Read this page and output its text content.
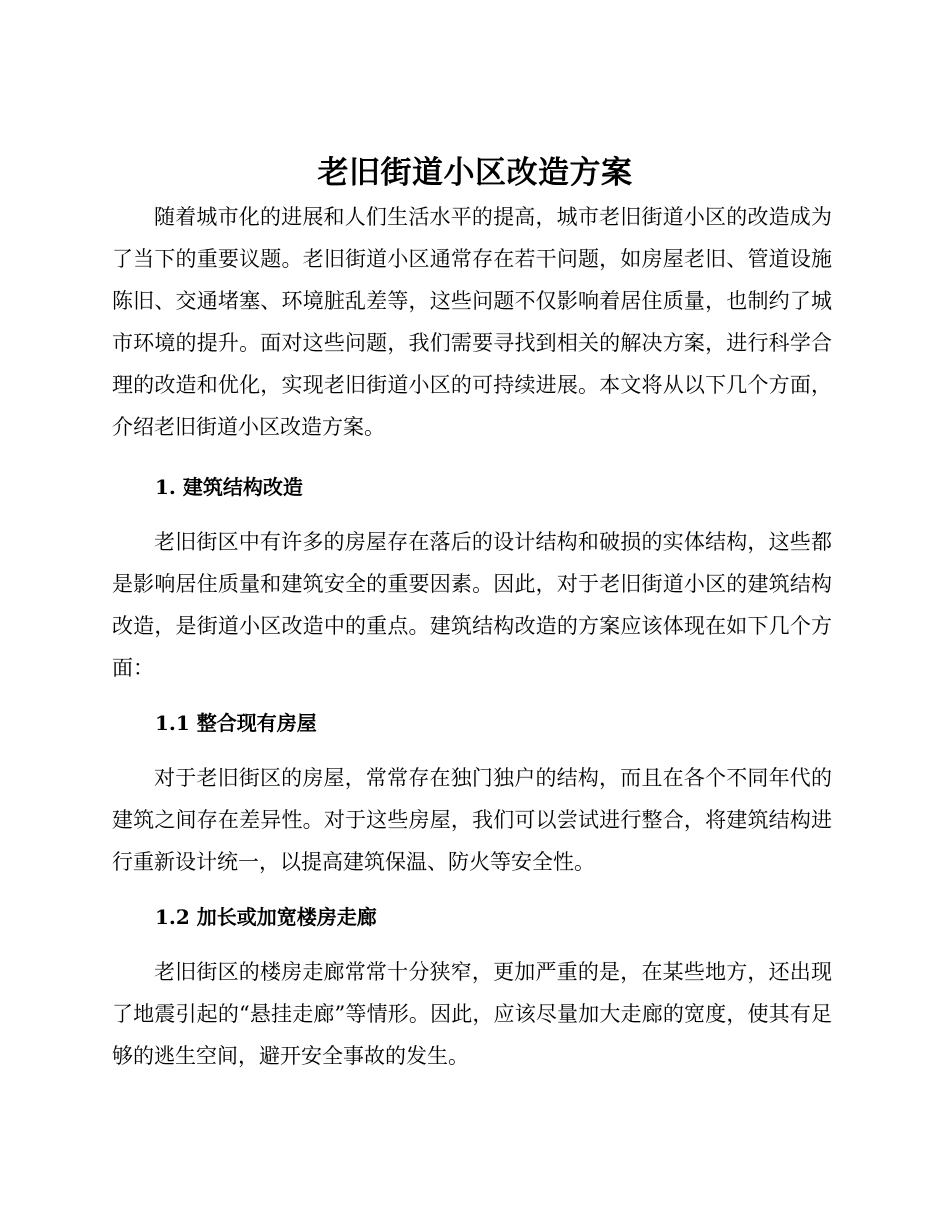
老旧街道小区改造方案

随着城市化的进展和人们生活水平的提高，城市老旧街道小区的改造成为了当下的重要议题。老旧街道小区通常存在若干问题，如房屋老旧、管道设施陈旧、交通堵塞、环境脏乱差等，这些问题不仅影响着居住质量，也制约了城市环境的提升。面对这些问题，我们需要寻找到相关的解决方案，进行科学合理的改造和优化，实现老旧街道小区的可持续进展。本文将从以下几个方面，介绍老旧街道小区改造方案。

1. 建筑结构改造

老旧街区中有许多的房屋存在落后的设计结构和破损的实体结构，这些都是影响居住质量和建筑安全的重要因素。因此，对于老旧街道小区的建筑结构改造，是街道小区改造中的重点。建筑结构改造的方案应该体现在如下几个方面：

1.1 整合现有房屋

对于老旧街区的房屋，常常存在独门独户的结构，而且在各个不同年代的建筑之间存在差异性。对于这些房屋，我们可以尝试进行整合，将建筑结构进行重新设计统一，以提高建筑保温、防火等安全性。

1.2 加长或加宽楼房走廊

老旧街区的楼房走廊常常十分狭窄，更加严重的是，在某些地方，还出现了地震引起的“悬挂走廊”等情形。因此，应该尽量加大走廊的宽度，使其有足够的逃生空间，避开安全事故的发生。
